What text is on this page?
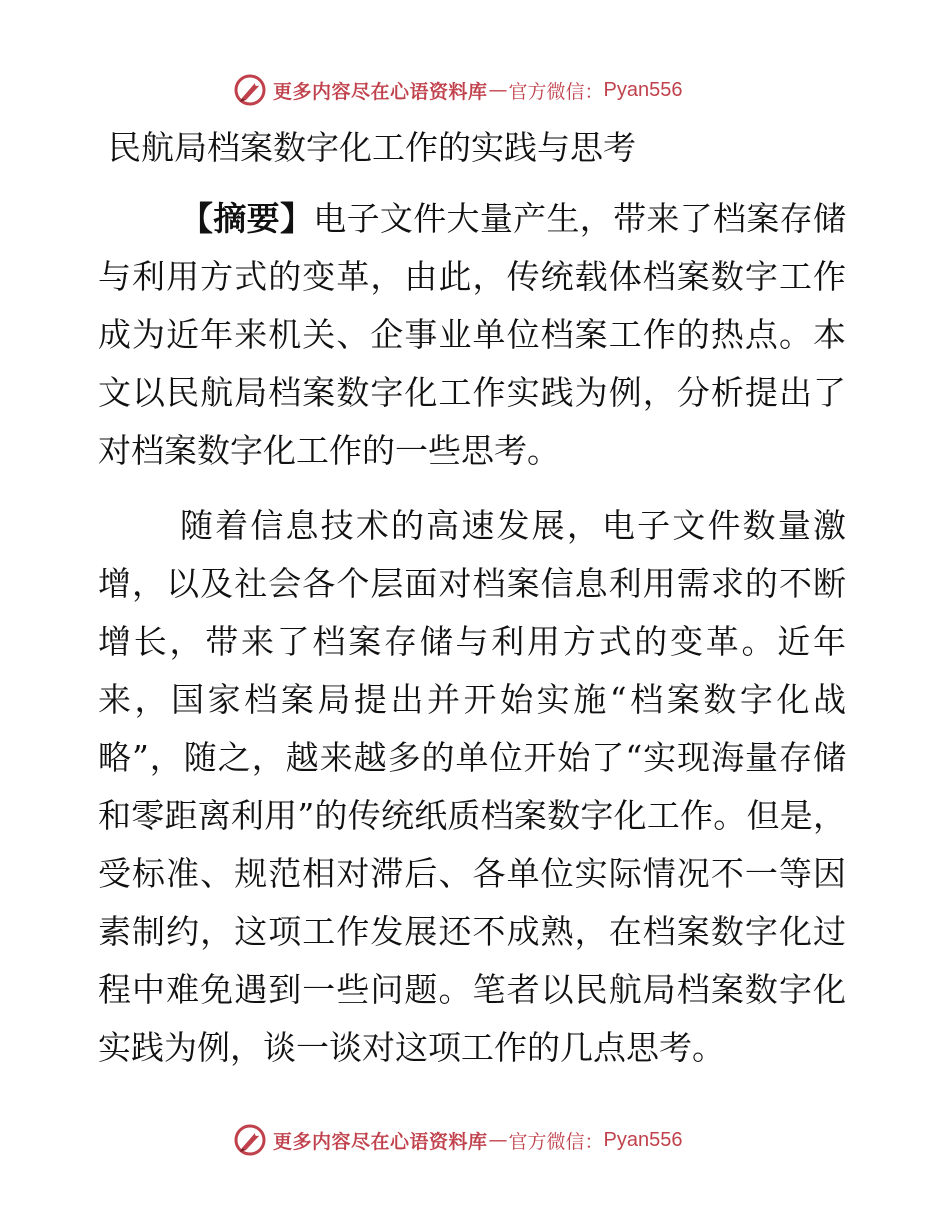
更多内容尽在心语资料库 — 官方微信： Pyan556
民航局档案数字化工作的实践与思考

【摘要】电子文件大量产生，带来了档案存储与利用方式的变革，由此，传统载体档案数字工作成为近年来机关、企事业单位档案工作的热点。本文以民航局档案数字化工作实践为例，分析提出了对档案数字化工作的一些思考。

随着信息技术的高速发展，电子文件数量激增，以及社会各个层面对档案信息利用需求的不断增长，带来了档案存储与利用方式的变革。近年来，国家档案局提出并开始实施“档案数字化战略”，随之，越来越多的单位开始了“实现海量存储和零距离利用”的传统纸质档案数字化工作。但是，受标准、规范相对滞后、各单位实际情况不一等因素制约，这项工作发展还不成熟，在档案数字化过程中难免遇到一些问题。笔者以民航局档案数字化实践为例，谈一谈对这项工作的几点思考。

更多内容尽在心语资料库 — 官方微信： Pyan556
